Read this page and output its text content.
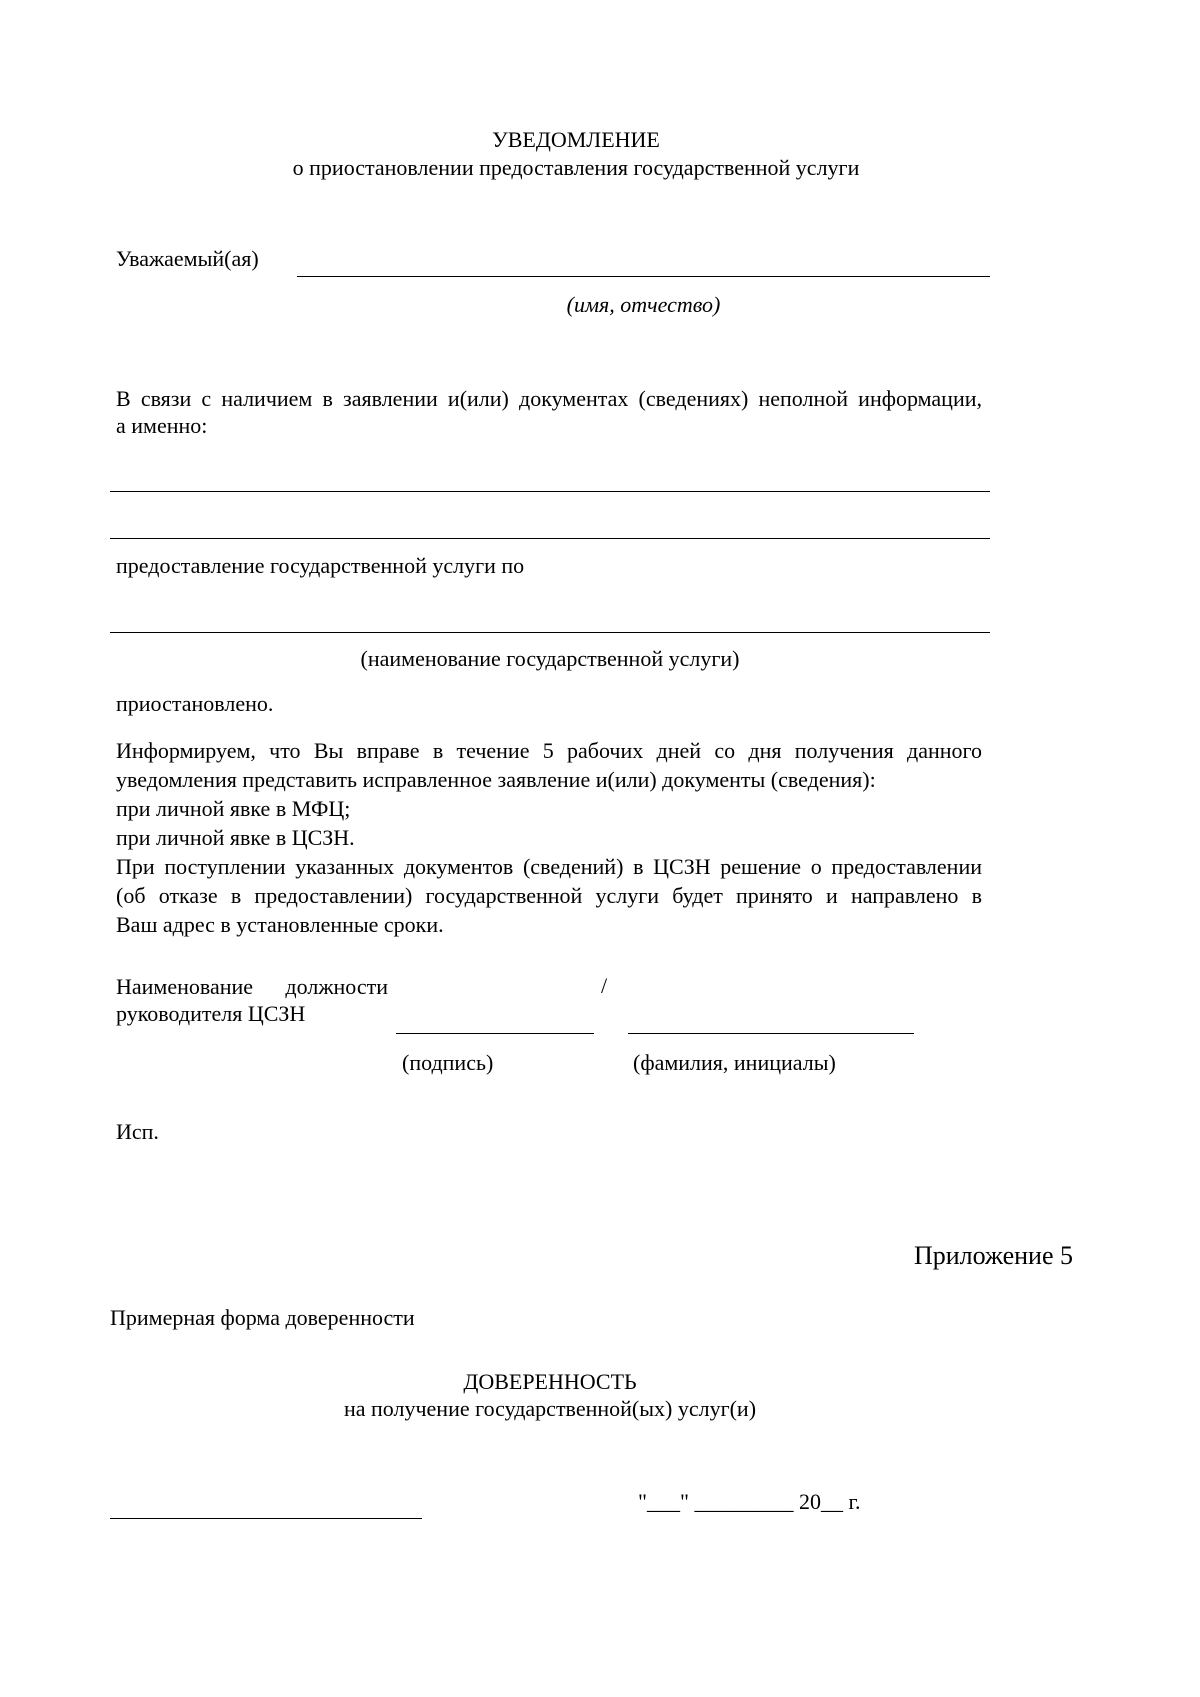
УВЕДОМЛЕНИЕ
о приостановлении предоставления государственной услуги
Уважаемый(ая)
(имя, отчество)
В связи с наличием в заявлении и(или) документах (сведениях) неполной информации,
а именно:
предоставление государственной услуги по
(наименование государственной услуги)
приостановлено.
Информируем, что Вы вправе в течение 5 рабочих дней со дня получения данного
уведомления представить исправленное заявление и(или) документы (сведения):
при личной явке в МФЦ;
при личной явке в ЦСЗН.
При поступлении указанных документов (сведений) в ЦСЗН решение о предоставлении
(об отказе в предоставлении) государственной услуги будет принято и направлено в
Ваш адрес в установленные сроки.
Наименование должности
руководителя ЦСЗН
/
(подпись)	(фамилия, инициалы)
Исп.
Приложение 5
Примерная форма доверенности
ДОВЕРЕННОСТЬ
на получение государственной(ых) услуг(и)
"___" _________ 20__ г.
